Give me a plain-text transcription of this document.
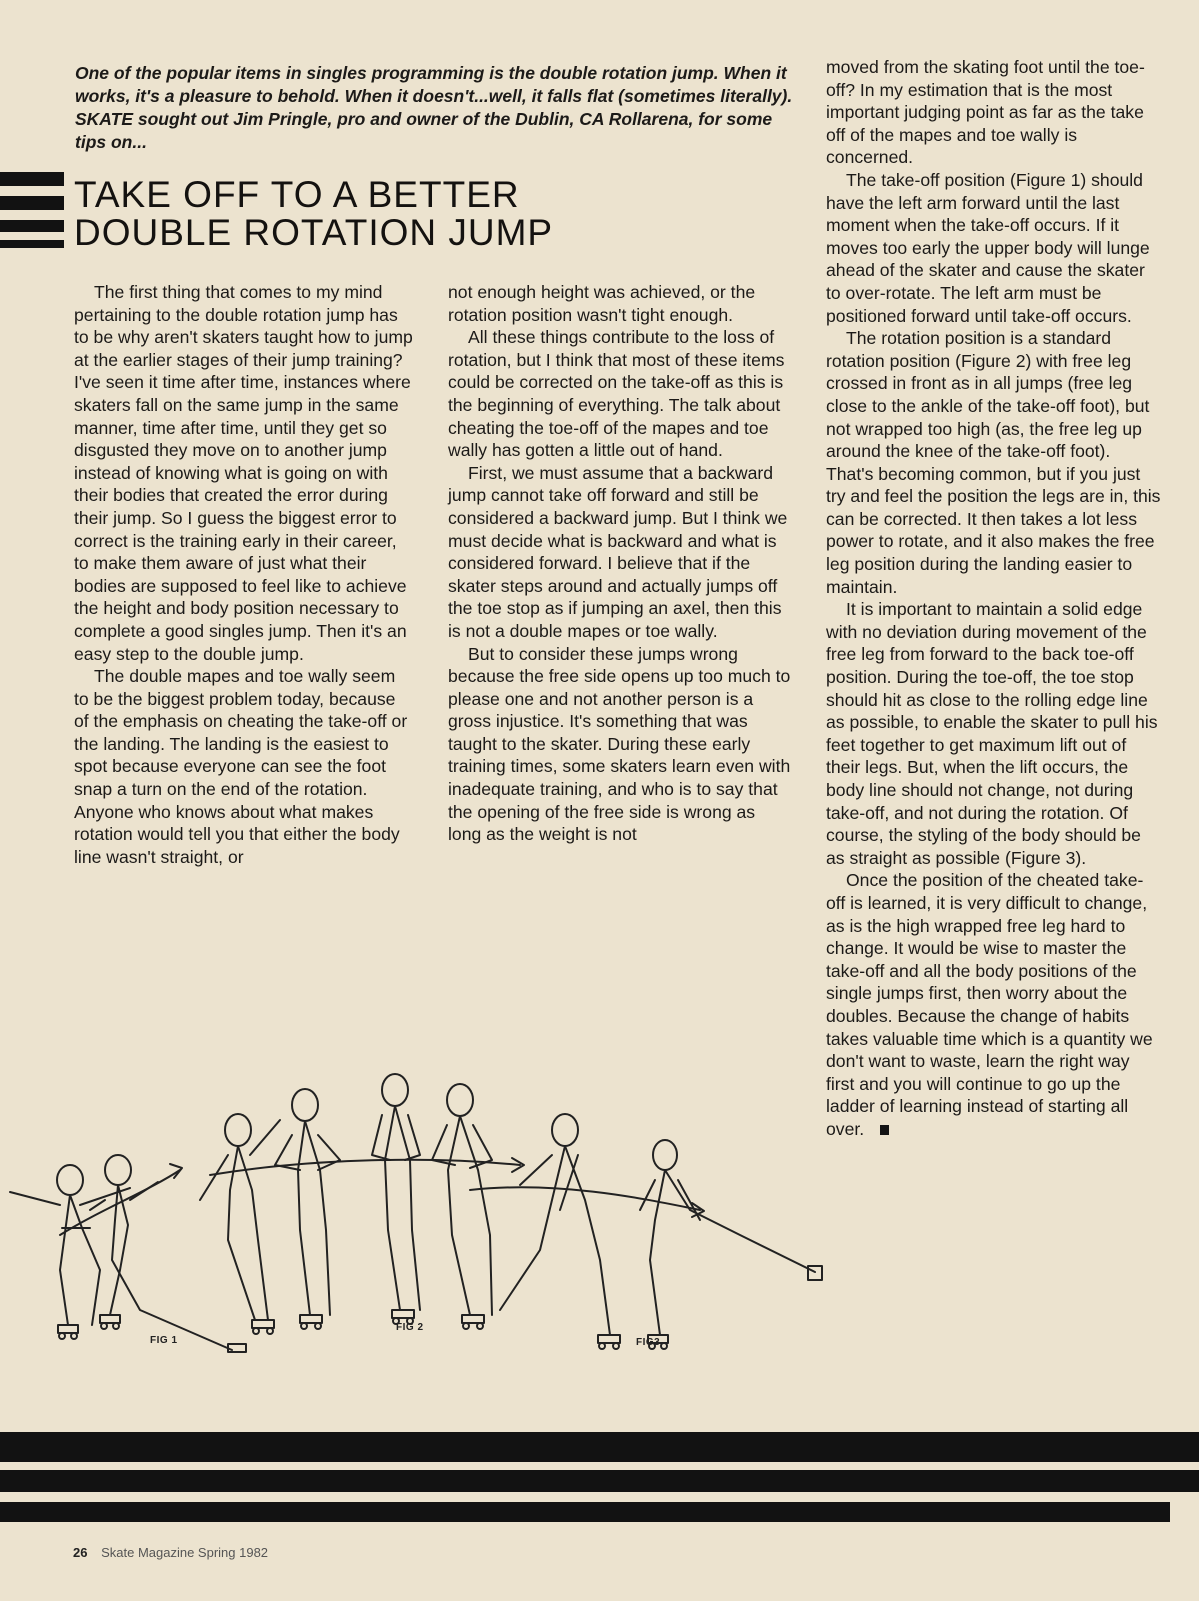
One of the popular items in singles programming is the double rotation jump. When it works, it's a pleasure to behold. When it doesn't...well, it falls flat (sometimes literally). SKATE sought out Jim Pringle, pro and owner of the Dublin, CA Rollarena, for some tips on...
TAKE OFF TO A BETTER
DOUBLE ROTATION JUMP

The first thing that comes to my mind pertaining to the double rotation jump has to be why aren't skaters taught how to jump at the earlier stages of their jump training? I've seen it time after time, instances where skaters fall on the same jump in the same manner, time after time, until they get so disgusted they move on to another jump instead of knowing what is going on with their bodies that created the error during their jump. So I guess the biggest error to correct is the training early in their career, to make them aware of just what their bodies are supposed to feel like to achieve the height and body position necessary to complete a good singles jump. Then it's an easy step to the double jump.

The double mapes and toe wally seem to be the biggest problem today, because of the emphasis on cheating the take-off or the landing. The landing is the easiest to spot because everyone can see the foot snap a turn on the end of the rotation. Anyone who knows about what makes rotation would tell you that either the body line wasn't straight, or

not enough height was achieved, or the rotation position wasn't tight enough.

All these things contribute to the loss of rotation, but I think that most of these items could be corrected on the take-off as this is the beginning of everything. The talk about cheating the toe-off of the mapes and toe wally has gotten a little out of hand.

First, we must assume that a backward jump cannot take off forward and still be considered a backward jump. But I think we must decide what is backward and what is considered forward. I believe that if the skater steps around and actually jumps off the toe stop as if jumping an axel, then this is not a double mapes or toe wally.

But to consider these jumps wrong because the free side opens up too much to please one and not another person is a gross injustice. It's something that was taught to the skater. During these early training times, some skaters learn even with inadequate training, and who is to say that the opening of the free side is wrong as long as the weight is not

moved from the skating foot until the toe-off? In my estimation that is the most important judging point as far as the take off of the mapes and toe wally is concerned.

The take-off position (Figure 1) should have the left arm forward until the last moment when the take-off occurs. If it moves too early the upper body will lunge ahead of the skater and cause the skater to over-rotate. The left arm must be positioned forward until take-off occurs.

The rotation position is a standard rotation position (Figure 2) with free leg crossed in front as in all jumps (free leg close to the ankle of the take-off foot), but not wrapped too high (as, the free leg up around the knee of the take-off foot). That's becoming common, but if you just try and feel the position the legs are in, this can be corrected. It then takes a lot less power to rotate, and it also makes the free leg position during the landing easier to maintain.

It is important to maintain a solid edge with no deviation during movement of the free leg from forward to the back toe-off position. During the toe-off, the toe stop should hit as close to the rolling edge line as possible, to enable the skater to pull his feet together to get maximum lift out of their legs. But, when the lift occurs, the body line should not change, not during take-off, and not during the rotation. Of course, the styling of the body should be as straight as possible (Figure 3).

Once the position of the cheated take-off is learned, it is very difficult to change, as is the high wrapped free leg hard to change. It would be wise to master the take-off and all the body positions of the single jumps first, then worry about the doubles. Because the change of habits takes valuable time which is a quantity we don't want to waste, learn the right way first and you will continue to go up the ladder of learning instead of starting all over.

FIG 1
FIG 2
FIG3
26 Skate Magazine Spring 1982
